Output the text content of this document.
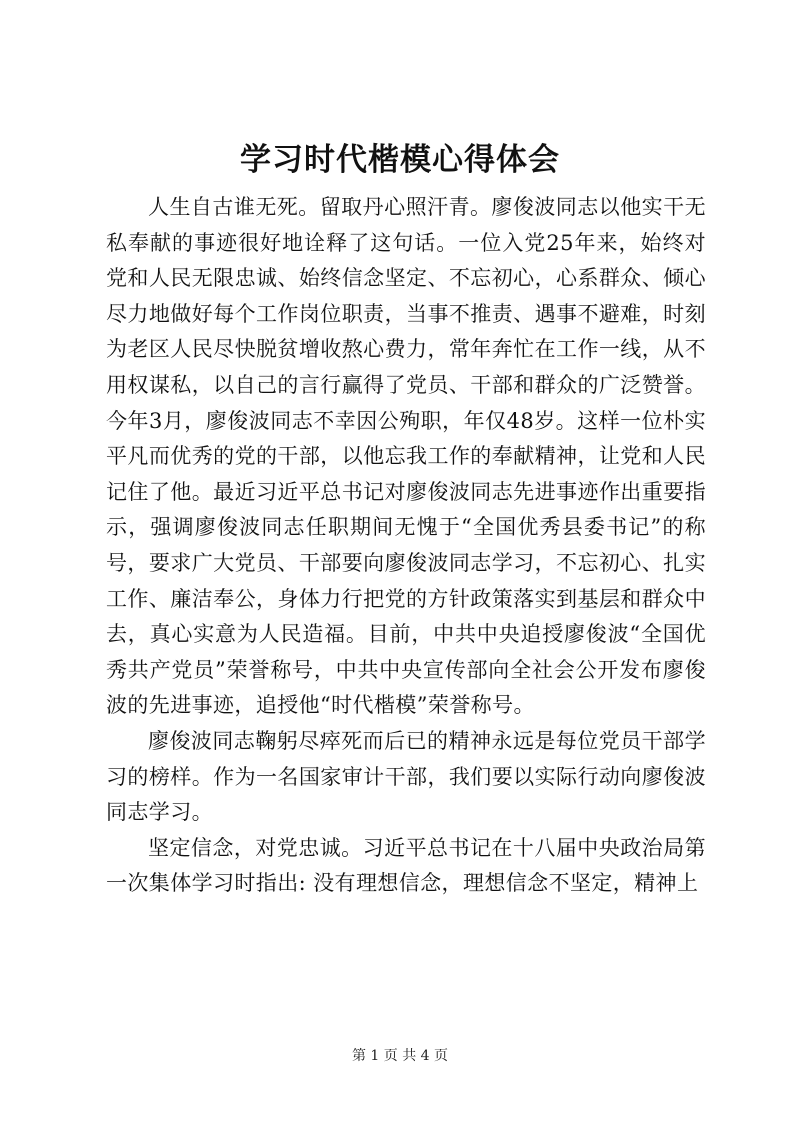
学习时代楷模心得体会

人生自古谁无死。留取丹心照汗青。廖俊波同志以他实干无私奉献的事迹很好地诠释了这句话。一位入党25年来，始终对党和人民无限忠诚、始终信念坚定、不忘初心，心系群众、倾心尽力地做好每个工作岗位职责，当事不推责、遇事不避难，时刻为老区人民尽快脱贫增收熬心费力，常年奔忙在工作一线，从不用权谋私，以自己的言行赢得了党员、干部和群众的广泛赞誉。今年3月，廖俊波同志不幸因公殉职，年仅48岁。这样一位朴实平凡而优秀的党的干部，以他忘我工作的奉献精神，让党和人民记住了他。最近习近平总书记对廖俊波同志先进事迹作出重要指示，强调廖俊波同志任职期间无愧于“全国优秀县委书记”的称号，要求广大党员、干部要向廖俊波同志学习，不忘初心、扎实工作、廉洁奉公，身体力行把党的方针政策落实到基层和群众中去，真心实意为人民造福。目前，中共中央追授廖俊波“全国优秀共产党员”荣誉称号，中共中央宣传部向全社会公开发布廖俊波的先进事迹，追授他“时代楷模”荣誉称号。

廖俊波同志鞠躬尽瘁死而后已的精神永远是每位党员干部学习的榜样。作为一名国家审计干部，我们要以实际行动向廖俊波同志学习。

坚定信念，对党忠诚。习近平总书记在十八届中央政治局第一次集体学习时指出: 没有理想信念，理想信念不坚定，精神上

第 1 页 共 4 页
